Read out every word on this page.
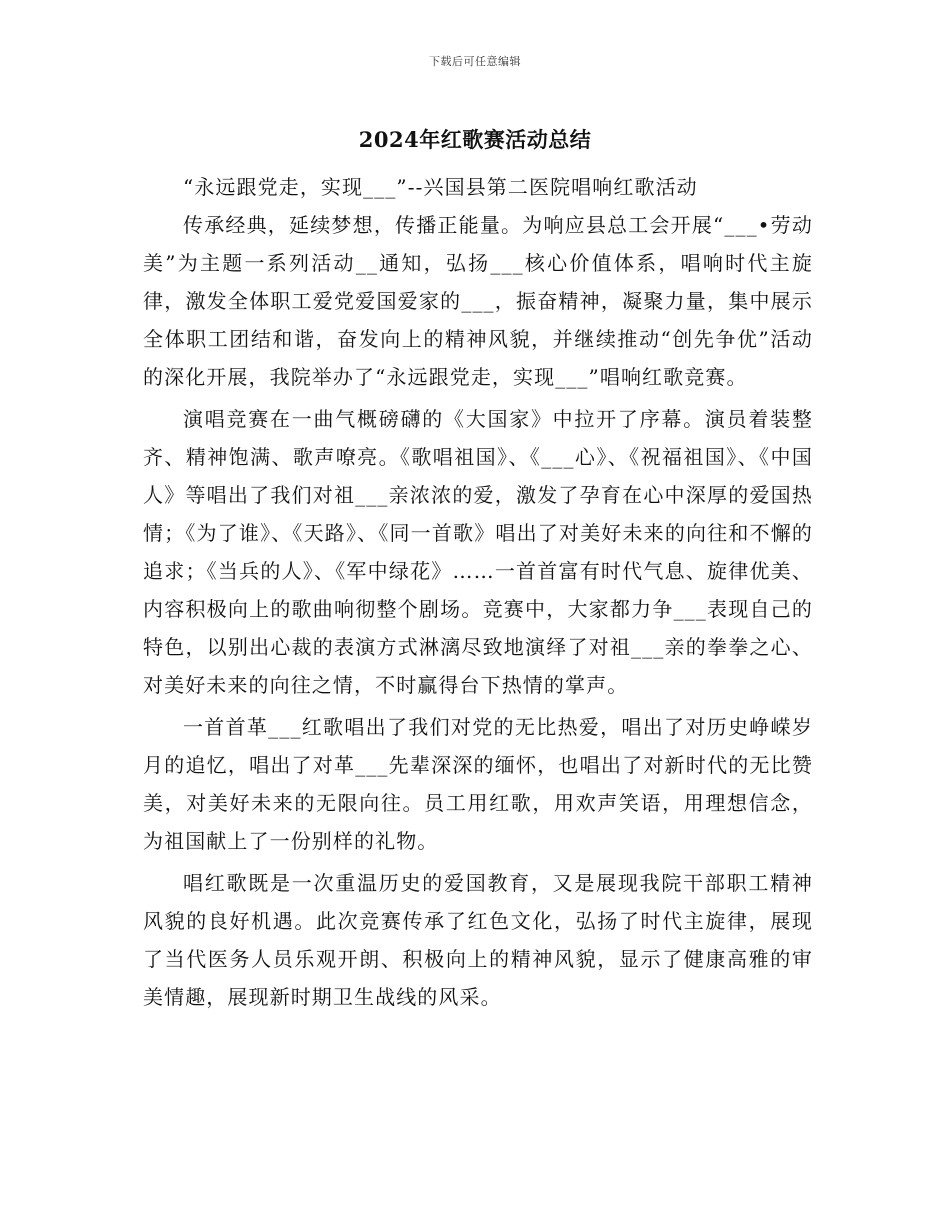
下载后可任意编辑
2024年红歌赛活动总结

“永远跟党走，实现___”--兴国县第二医院唱响红歌活动

传承经典，延续梦想，传播正能量。为响应县总工会开展“___•劳动美”为主题一系列活动__通知，弘扬___核心价值体系，唱响时代主旋律，激发全体职工爱党爱国爱家的___，振奋精神，凝聚力量，集中展示全体职工团结和谐，奋发向上的精神风貌，并继续推动“创先争优”活动的深化开展，我院举办了“永远跟党走，实现___”唱响红歌竞赛。

演唱竞赛在一曲气概磅礴的《大国家》中拉开了序幕。演员着装整齐、精神饱满、歌声嘹亮。《歌唱祖国》、《___心》、《祝福祖国》、《中国人》等唱出了我们对祖___亲浓浓的爱，激发了孕育在心中深厚的爱国热情；《为了谁》、《天路》、《同一首歌》唱出了对美好未来的向往和不懈的追求；《当兵的人》、《军中绿花》……一首首富有时代气息、旋律优美、内容积极向上的歌曲响彻整个剧场。竞赛中，大家都力争___表现自己的特色，以别出心裁的表演方式淋漓尽致地演绎了对祖___亲的拳拳之心、对美好未来的向往之情，不时赢得台下热情的掌声。

一首首革___红歌唱出了我们对党的无比热爱，唱出了对历史峥嵘岁月的追忆，唱出了对革___先辈深深的缅怀，也唱出了对新时代的无比赞美，对美好未来的无限向往。员工用红歌，用欢声笑语，用理想信念，为祖国献上了一份别样的礼物。

唱红歌既是一次重温历史的爱国教育，又是展现我院干部职工精神风貌的良好机遇。此次竞赛传承了红色文化，弘扬了时代主旋律，展现了当代医务人员乐观开朗、积极向上的精神风貌，显示了健康高雅的审美情趣，展现新时期卫生战线的风采。
